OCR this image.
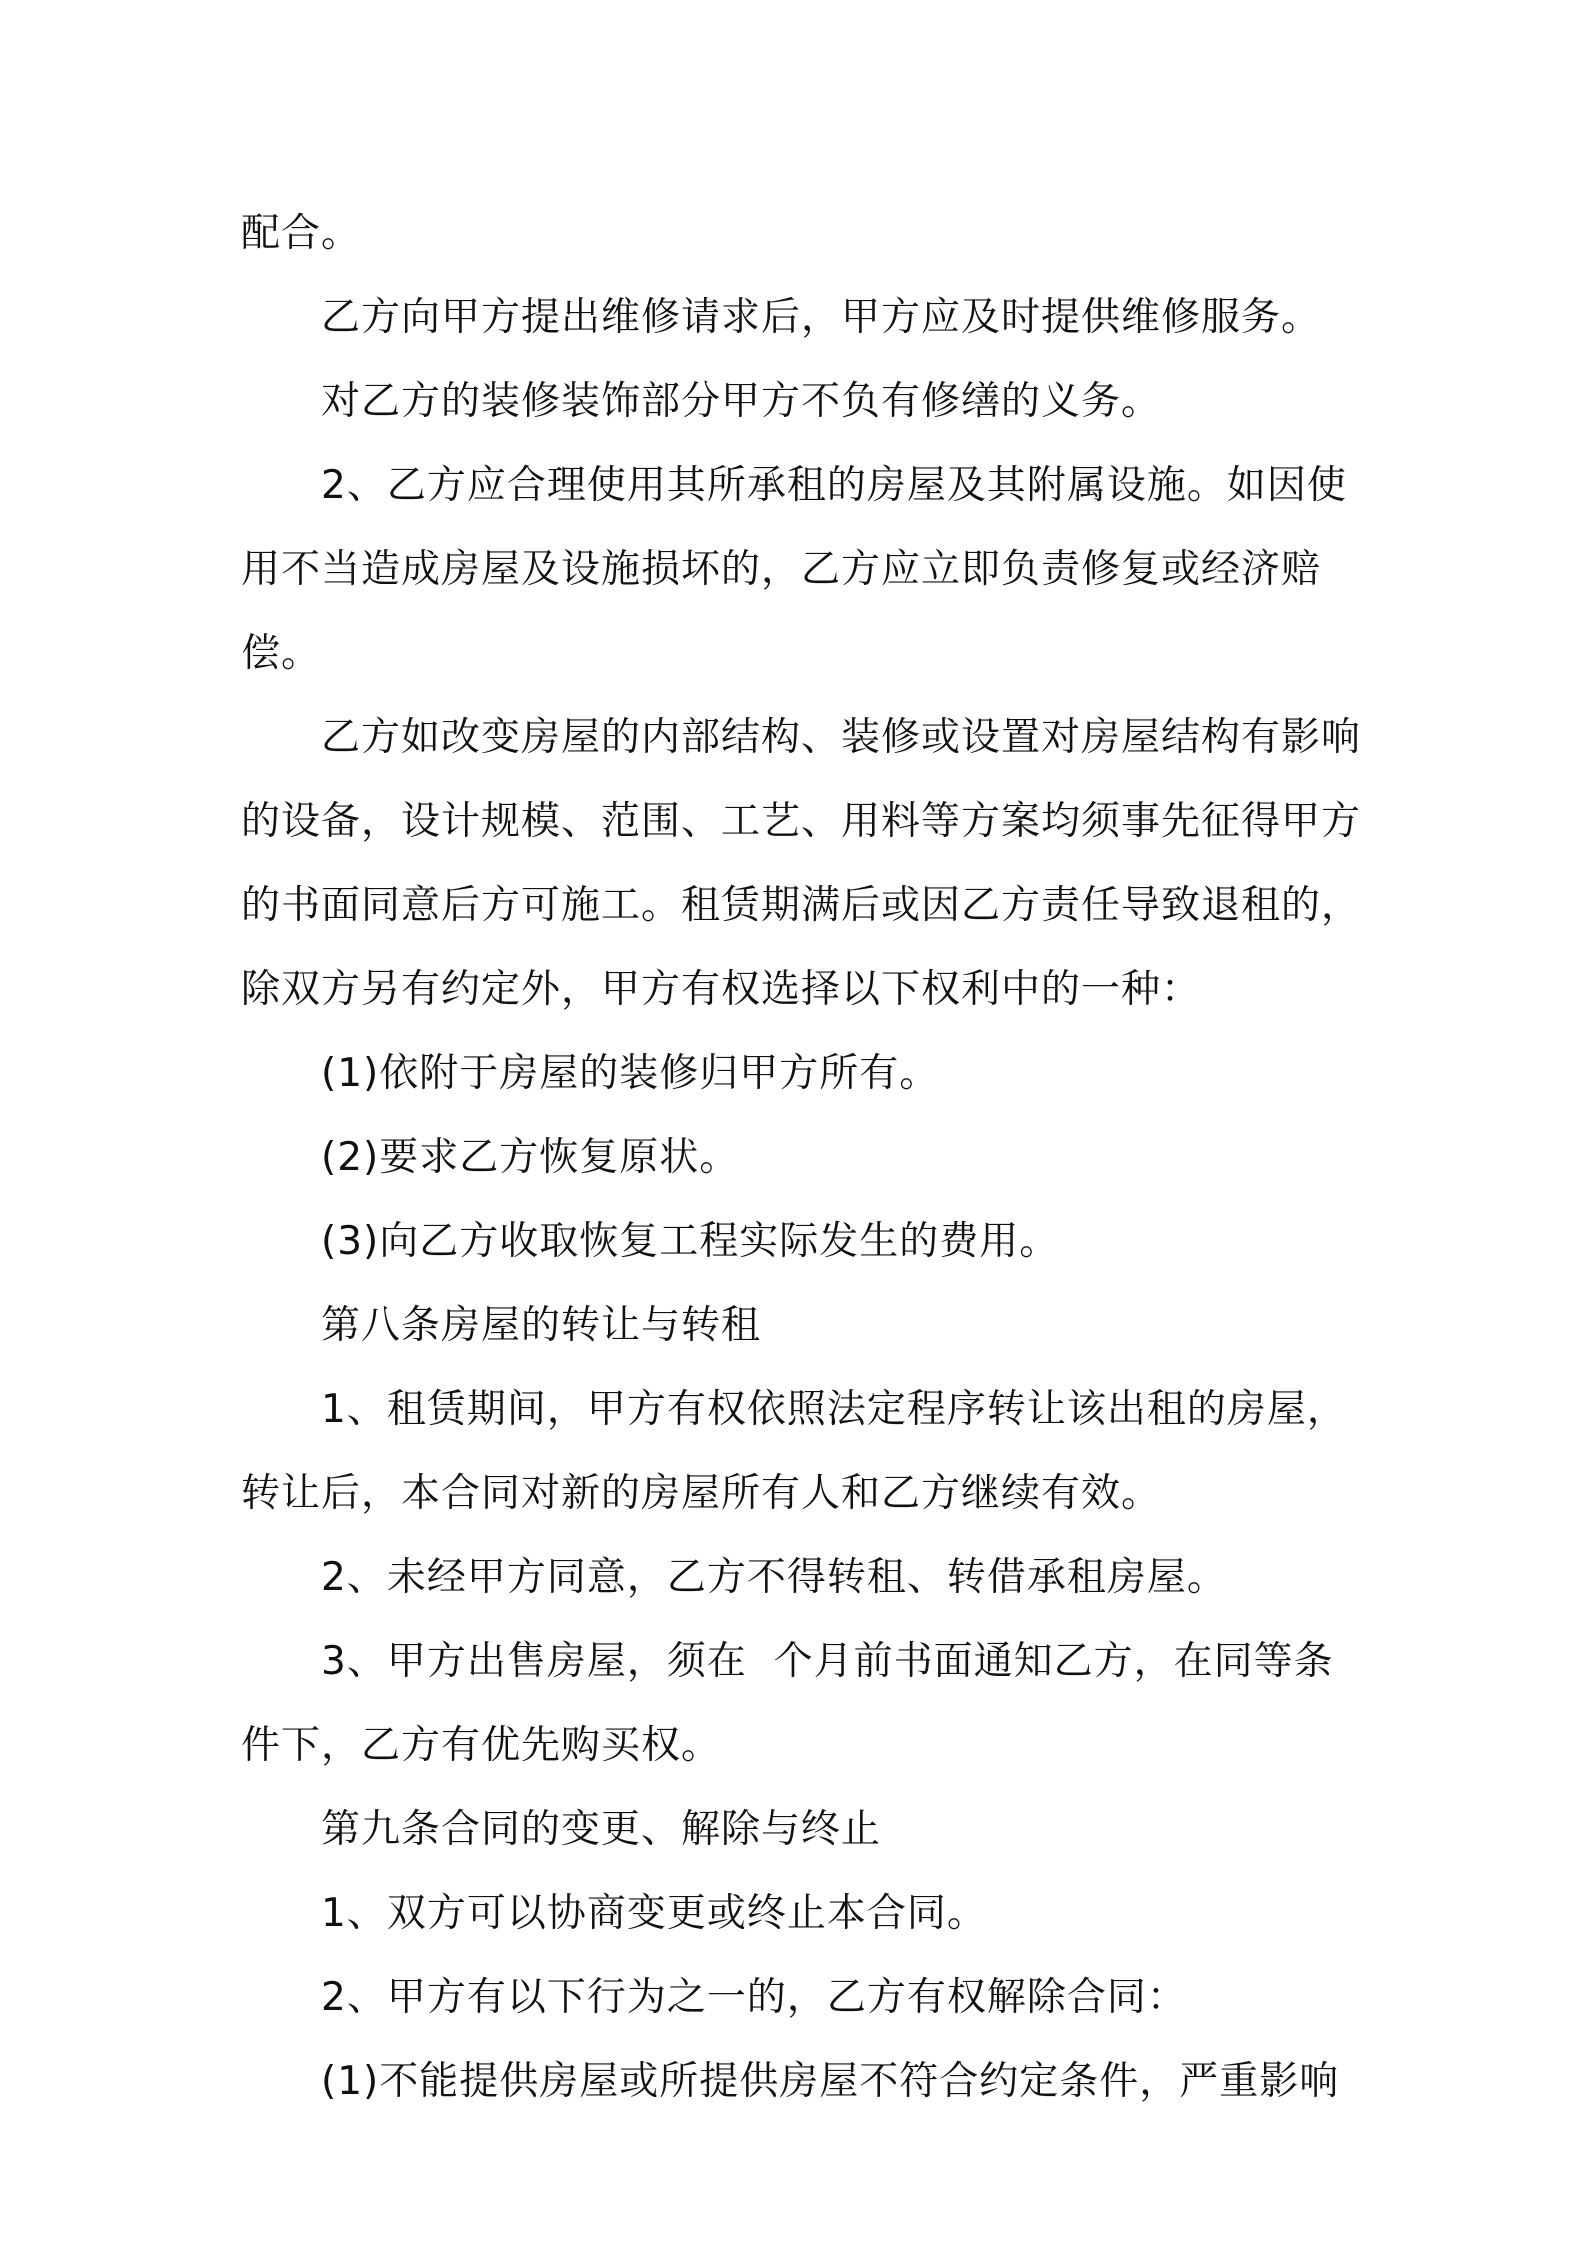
配合。

乙方向甲方提出维修请求后，甲方应及时提供维修服务。

对乙方的装修装饰部分甲方不负有修缮的义务。

2、乙方应合理使用其所承租的房屋及其附属设施。如因使用不当造成房屋及设施损坏的，乙方应立即负责修复或经济赔偿。

乙方如改变房屋的内部结构、装修或设置对房屋结构有影响的设备，设计规模、范围、工艺、用料等方案均须事先征得甲方的书面同意后方可施工。租赁期满后或因乙方责任导致退租的，除双方另有约定外，甲方有权选择以下权利中的一种：

(1)依附于房屋的装修归甲方所有。

(2)要求乙方恢复原状。

(3)向乙方收取恢复工程实际发生的费用。

第八条房屋的转让与转租

1、租赁期间，甲方有权依照法定程序转让该出租的房屋，转让后，本合同对新的房屋所有人和乙方继续有效。

2、未经甲方同意，乙方不得转租、转借承租房屋。

3、甲方出售房屋，须在  个月前书面通知乙方，在同等条件下，乙方有优先购买权。

第九条合同的变更、解除与终止

1、双方可以协商变更或终止本合同。

2、甲方有以下行为之一的，乙方有权解除合同：

(1)不能提供房屋或所提供房屋不符合约定条件，严重影响
